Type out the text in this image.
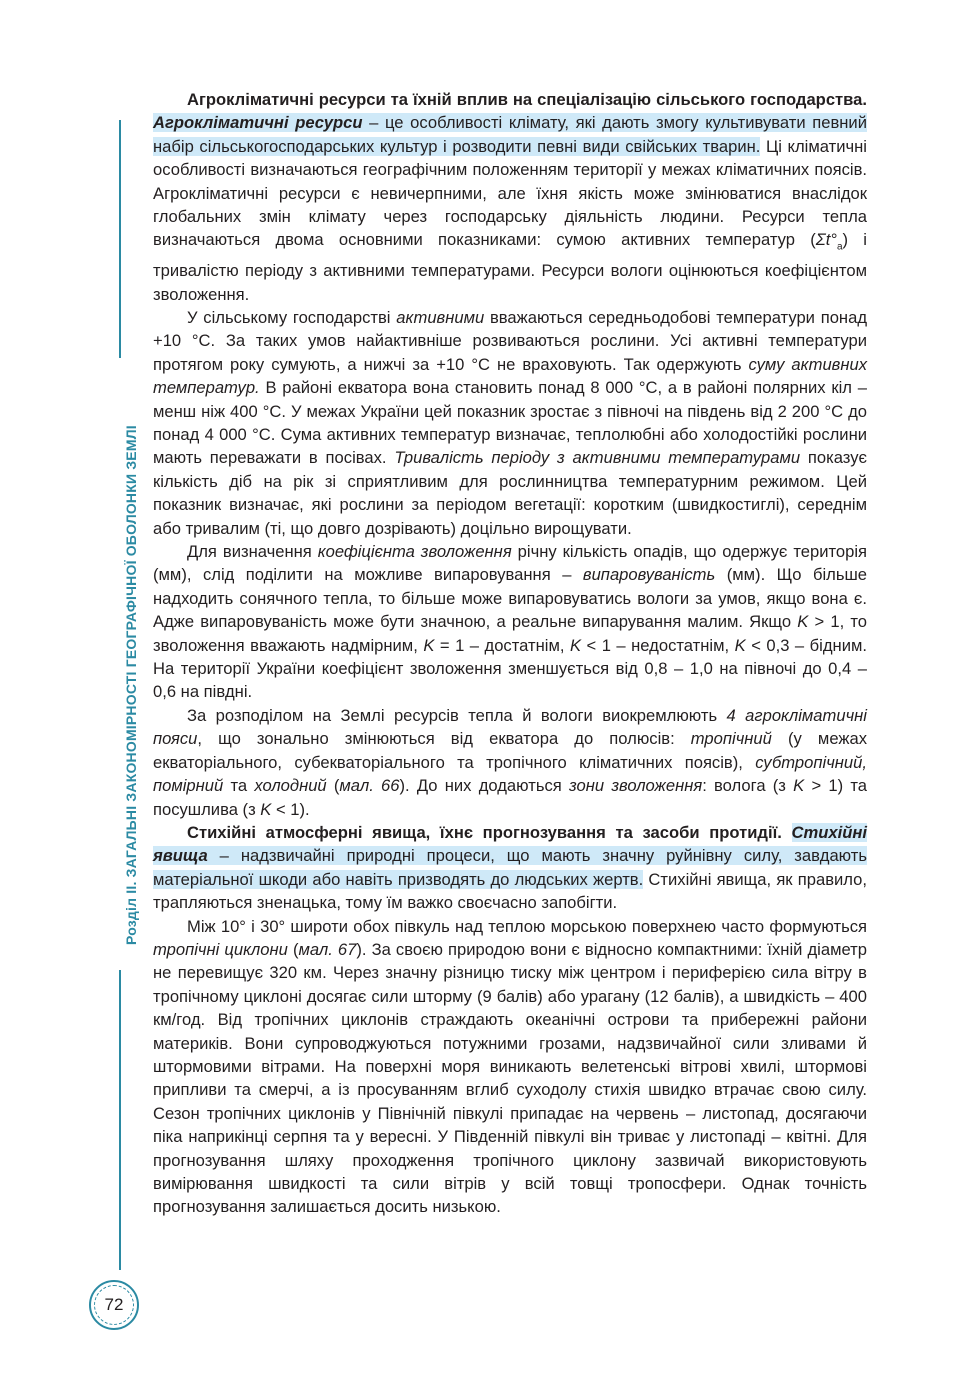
Розділ ІІ. ЗАГАЛЬНІ ЗАКОНОМІРНОСТІ ГЕОГРАФІЧНОЇ ОБОЛОНКИ ЗЕМЛІ
72

Агрокліматичні ресурси та їхній вплив на спеціалізацію сільського господарства. Агрокліматичні ресурси – це особливості клімату, які дають змогу культивувати певний набір сільськогосподарських культур і розводити певні види свійських тварин. Ці кліматичні особливості визначаються географічним положенням території у межах кліматичних поясів. Агрокліматичні ресурси є невичерпними, але їхня якість може змінюватися внаслідок глобальних змін клімату через господарську діяльність людини. Ресурси тепла визначаються двома основними показниками: сумою активних температур $(\Sigma t^\circ_а)$ і тривалістю періоду з активними температурами. Ресурси вологи оцінюються коефіцієнтом зволоження.

У сільському господарстві активними вважаються середньодобові температури понад +10 °С. За таких умов найактивніше розвиваються рослини. Усі активні температури протягом року сумують, а нижчі за +10 °С не враховують. Так одержують суму активних температур. В районі екватора вона становить понад 8 000 °С, а в районі полярних кіл – менш ніж 400 °С. У межах України цей показник зростає з півночі на південь від 2 200 °С до понад 4 000 °С. Сума активних температур визначає, теплолюбні або холодостійкі рослини мають переважати в посівах. Тривалість періоду з активними температурами показує кількість діб на рік зі сприятливим для рослинництва температурним режимом. Цей показник визначає, які рослини за періодом вегетації: коротким (швидкостиглі), середнім або тривалим (ті, що довго дозрівають) доцільно вирощувати.

Для визначення коефіцієнта зволоження річну кількість опадів, що одержує територія (мм), слід поділити на можливе випаровування – випаровуваність (мм). Що більше надходить сонячного тепла, то більше може випаровуватись вологи за умов, якщо вона є. Адже випаровуваність може бути значною, а реальне випарування малим. Якщо K > 1, то зволоження вважають надмірним, K = 1 – достатнім, K < 1 – недостатнім, K < 0,3 – бідним. На території України коефіцієнт зволоження зменшується від 0,8 – 1,0 на півночі до 0,4 – 0,6 на півдні.

За розподілом на Землі ресурсів тепла й вологи виокремлюють 4 агрокліматичні пояси, що зонально змінюються від екватора до полюсів: тропічний (у межах екваторіального, субекваторіального та тропічного кліматичних поясів), субтропічний, помірний та холодний (мал. 66). До них додаються зони зволоження: волога (з K > 1) та посушлива (з K < 1).

Стихійні атмосферні явища, їхнє прогнозування та засоби протидії. Стихійні явища – надзвичайні природні процеси, що мають значну руйнівну силу, завдають матеріальної шкоди або навіть призводять до людських жертв. Стихійні явища, як правило, трапляються зненацька, тому їм важко своєчасно запобігти.

Між 10° і 30° широти обох півкуль над теплою морською поверхнею часто формуються тропічні циклони (мал. 67). За своєю природою вони є відносно компактними: їхній діаметр не перевищує 320 км. Через значну різницю тиску між центром і периферією сила вітру в тропічному циклоні досягає сили шторму (9 балів) або урагану (12 балів), а швидкість – 400 км/год. Від тропічних циклонів страждають океанічні острови та прибережні райони материків. Вони супроводжуються потужними грозами, надзвичайної сили зливами й штормовими вітрами. На поверхні моря виникають велетенські вітрові хвилі, штормові припливи та смерчі, а із просуванням вглиб суходолу стихія швидко втрачає свою силу. Сезон тропічних циклонів у Північній півкулі припадає на червень – листопад, досягаючи піка наприкінці серпня та у вересні. У Південній півкулі він триває у листопаді – квітні. Для прогнозування шляху проходження тропічного циклону зазвичай використовують вимірювання швидкості та сили вітрів у всій товщі тропосфери. Однак точність прогнозування залишається досить низькою.
